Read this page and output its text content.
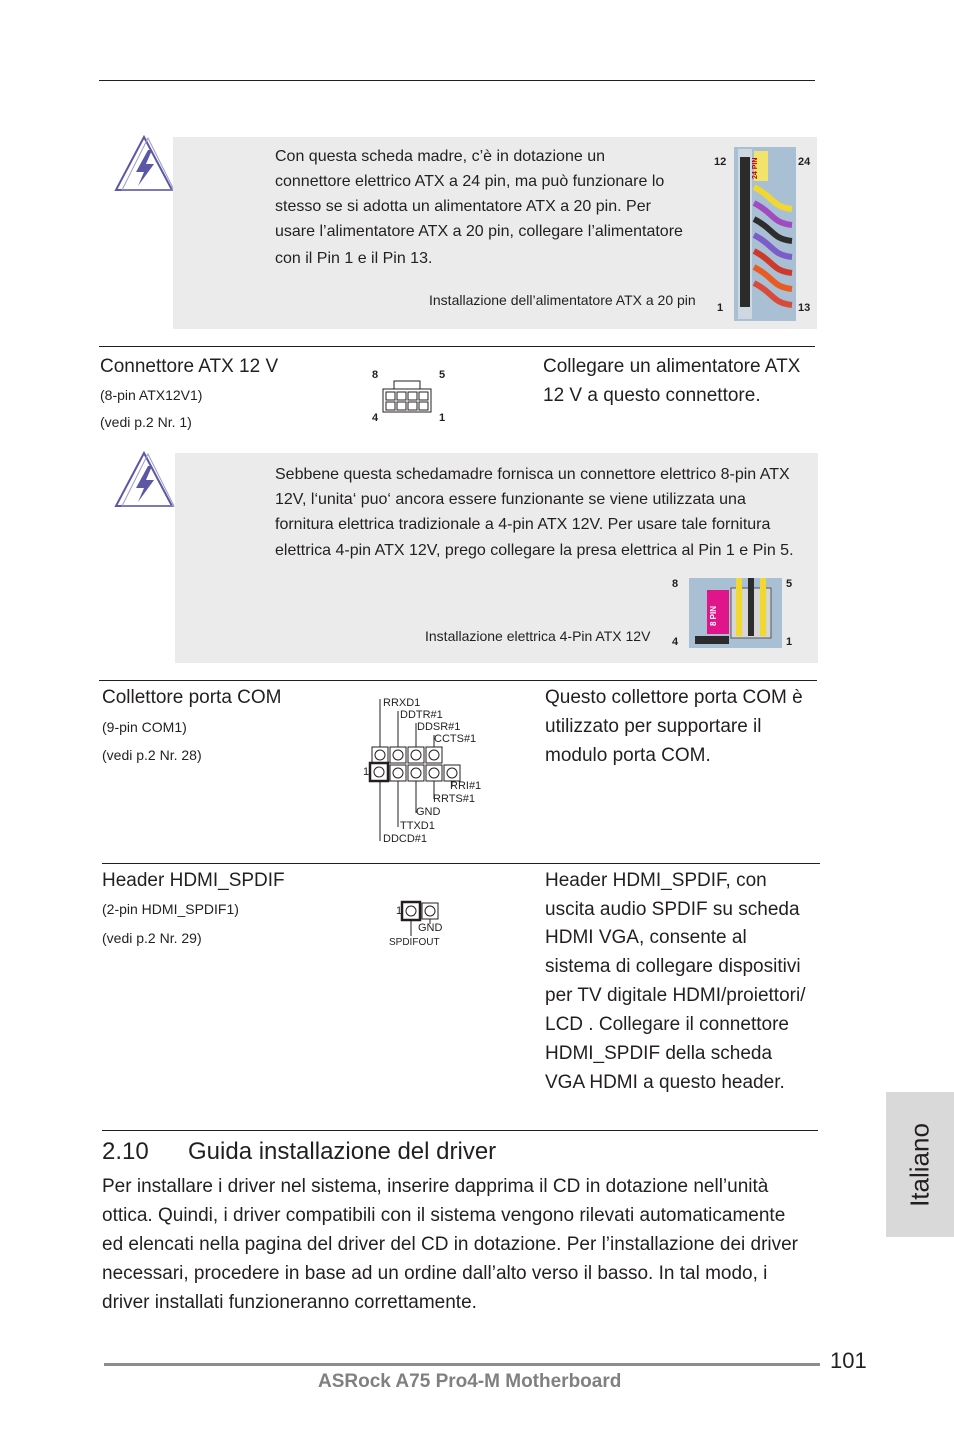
Con questa scheda madre, c’è in dotazione un
connettore elettrico ATX a 24 pin, ma può funzionare lo
stesso se si adotta un alimentatore ATX a 20 pin. Per
usare l’alimentatore ATX a 20 pin, collegare l’alimentatore
con il Pin 1 e il Pin 13.
Installazione dell’alimentatore ATX a 20 pin
12	24
1	13
24 PIN
Connettore ATX 12 V
(8-pin ATX12V1)
(vedi p.2 Nr. 1)
8	5
4	1
Collegare un alimentatore ATX
12 V a questo connettore.
Sebbene questa schedamadre fornisca un connettore elettrico 8-pin ATX
12V, l‘unita‘ puo‘ ancora essere funzionante se viene utilizzata una
fornitura elettrica tradizionale a 4-pin ATX 12V. Per usare tale fornitura
elettrica 4-pin ATX 12V, prego collegare la presa elettrica al Pin 1 e Pin 5.
Installazione elettrica 4-Pin ATX 12V
8	5
4	1
8 PIN
Collettore porta COM
(9-pin COM1)
(vedi p.2 Nr. 28)
RRXD1
DDTR#1
DDSR#1
CCTS#1
1
RRI#1
RRTS#1
GND
TTXD1
DDCD#1
Questo collettore porta COM è
utilizzato per supportare il
modulo porta COM.
Header HDMI_SPDIF
(2-pin HDMI_SPDIF1)
(vedi p.2 Nr. 29)
1
GND
SPDIFOUT
Header HDMI_SPDIF, con
uscita audio SPDIF su scheda
HDMI VGA, consente al
sistema di collegare dispositivi
per TV digitale HDMI/proiettori/
LCD . Collegare il connettore
HDMI_SPDIF della scheda
VGA HDMI a questo header.
2.10 Guida installazione del driver
Per installare i driver nel sistema, inserire dapprima il CD in dotazione nell’unità
ottica. Quindi, i driver compatibili con il sistema vengono rilevati automaticamente
ed elencati nella pagina del driver del CD in dotazione. Per l’installazione dei driver
necessari, procedere in base ad un ordine dall’alto verso il basso. In tal modo, i
driver installati funzioneranno correttamente.
Italiano
101
ASRock A75 Pro4-M Motherboard
